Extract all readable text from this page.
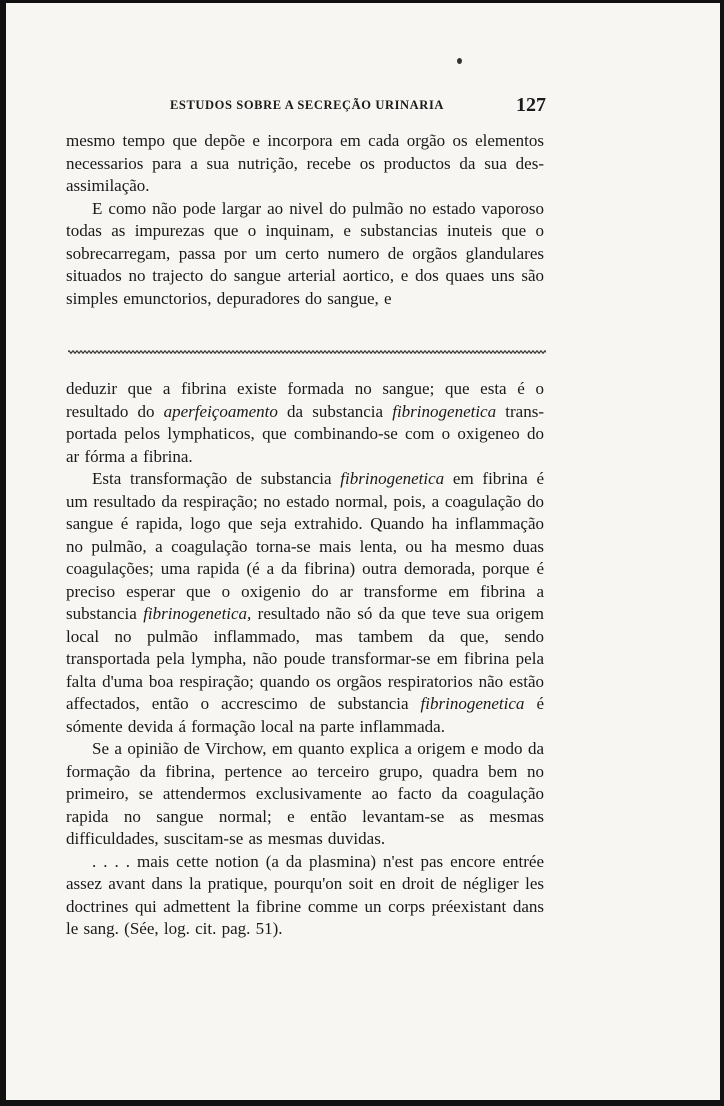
ESTUDOS SOBRE A SECREÇÃO URINARIA	127

mesmo tempo que depõe e incorpora em cada orgão os elementos necessarios para a sua nutrição, recebe os productos da sua desassimilação.

E como não pode largar ao nivel do pulmão no estado vaporoso todas as impurezas que o inquinam, e substancias inuteis que o sobrecarregam, passa por um certo numero de orgãos glandulares situados no trajecto do sangue arterial aortico, e dos quaes uns são simples emunctorios, depuradores do sangue, e

deduzir que a fibrina existe formada no sangue; que esta é o resultado do aperfeiçoamento da substancia fibrinogenetica transportada pelos lymphaticos, que combinando-se com o oxigeneo do ar fórma a fibrina.

Esta transformação de substancia fibrinogenetica em fibrina é um resultado da respiração; no estado normal, pois, a coagulação do sangue é rapida, logo que seja extrahido. Quando ha inflammação no pulmão, a coagulação torna-se mais lenta, ou ha mesmo duas coagulações; uma rapida (é a da fibrina) outra demorada, porque é preciso esperar que o oxigenio do ar transforme em fibrina a substancia fibrinogenetica, resultado não só da que teve sua origem local no pulmão inflammado, mas tambem da que, sendo transportada pela lympha, não poude transformar-se em fibrina pela falta d'uma boa respiração; quando os orgãos respiratorios não estão affectados, então o accrescimo de substancia fibrinogenetica é sómente devida á formação local na parte inflammada.

Se a opinião de Virchow, em quanto explica a origem e modo da formação da fibrina, pertence ao terceiro grupo, quadra bem no primeiro, se attendermos exclusivamente ao facto da coagulação rapida no sangue normal; e então levantam-se as mesmas difficuldades, suscitam-se as mesmas duvidas.

. . . . mais cette notion (a da plasmina) n'est pas encore entrée assez avant dans la pratique, pourqu'on soit en droit de négliger les doctrines qui admettent la fibrine comme un corps préexistant dans le sang. (Sée, log. cit. pag. 51).
